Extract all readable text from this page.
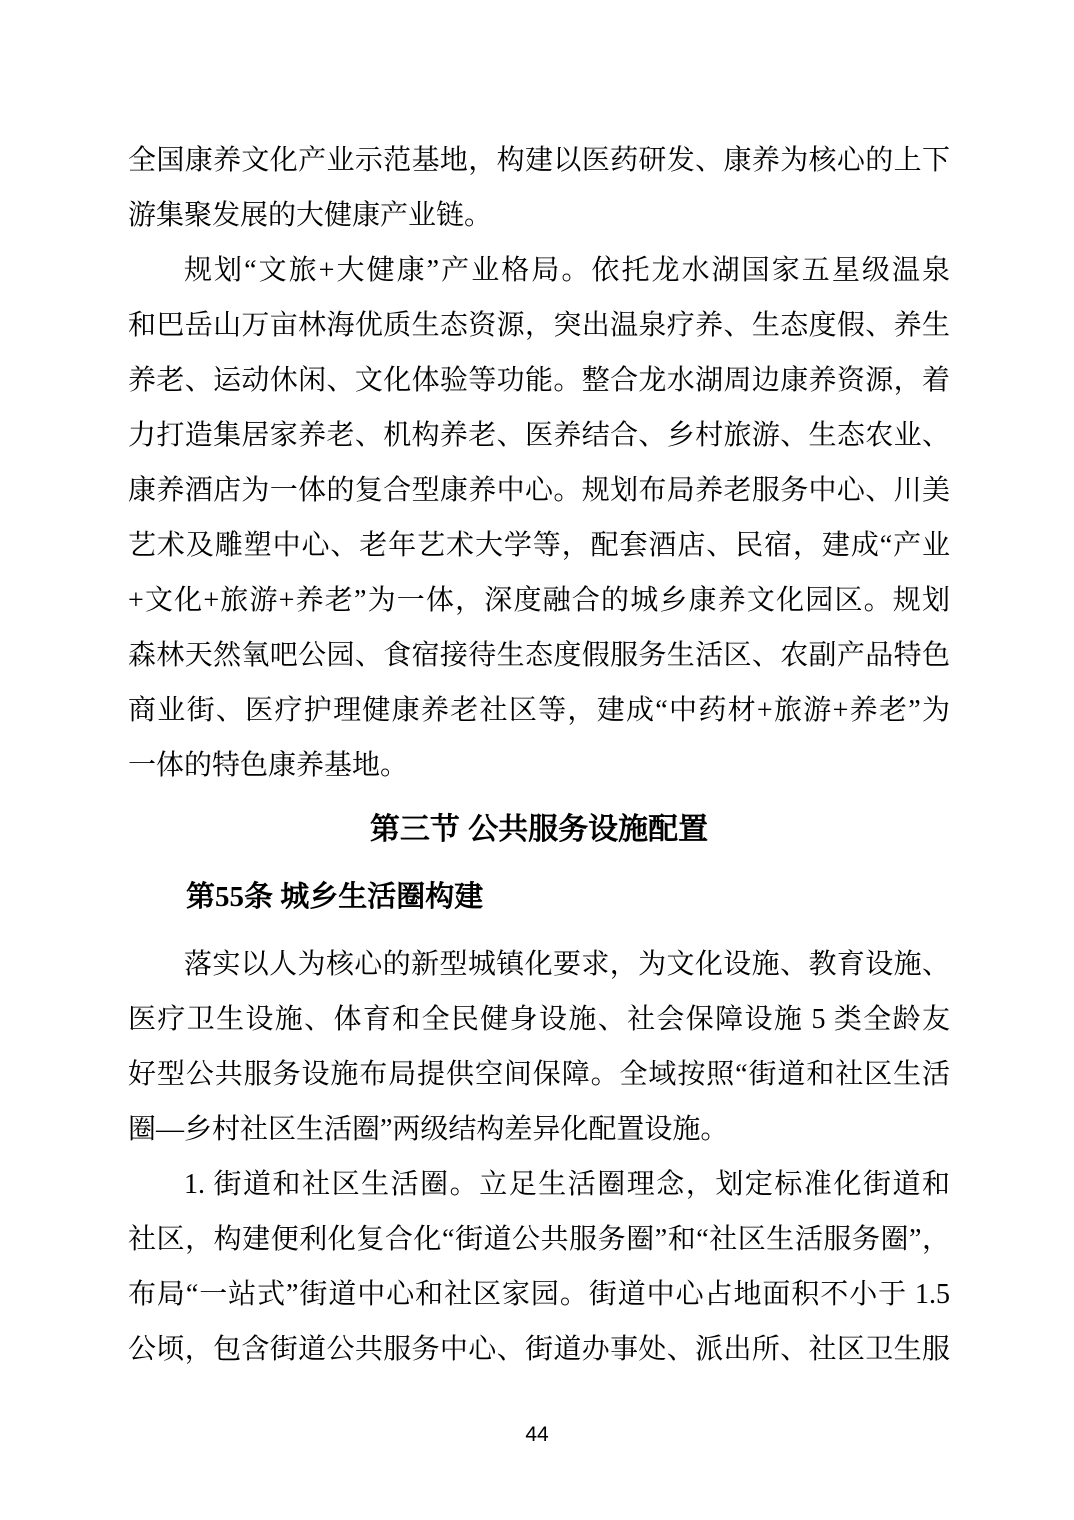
全国康养文化产业示范基地，构建以医药研发、康养为核心的上下
游集聚发展的大健康产业链。
规划“文旅+大健康”产业格局。依托龙水湖国家五星级温泉
和巴岳山万亩林海优质生态资源，突出温泉疗养、生态度假、养生
养老、运动休闲、文化体验等功能。整合龙水湖周边康养资源，着
力打造集居家养老、机构养老、医养结合、乡村旅游、生态农业、
康养酒店为一体的复合型康养中心。规划布局养老服务中心、川美
艺术及雕塑中心、老年艺术大学等，配套酒店、民宿，建成“产业
+文化+旅游+养老”为一体，深度融合的城乡康养文化园区。规划
森林天然氧吧公园、食宿接待生态度假服务生活区、农副产品特色
商业街、医疗护理健康养老社区等，建成“中药材+旅游+养老”为
一体的特色康养基地。
第三节 公共服务设施配置
第55条 城乡生活圈构建
落实以人为核心的新型城镇化要求，为文化设施、教育设施、
医疗卫生设施、体育和全民健身设施、社会保障设施 5 类全龄友
好型公共服务设施布局提供空间保障。全域按照“街道和社区生活
圈—乡村社区生活圈”两级结构差异化配置设施。
1. 街道和社区生活圈。立足生活圈理念，划定标准化街道和
社区，构建便利化复合化“街道公共服务圈”和“社区生活服务圈”，
布局“一站式”街道中心和社区家园。街道中心占地面积不小于 1.5
公顷，包含街道公共服务中心、街道办事处、派出所、社区卫生服
44
